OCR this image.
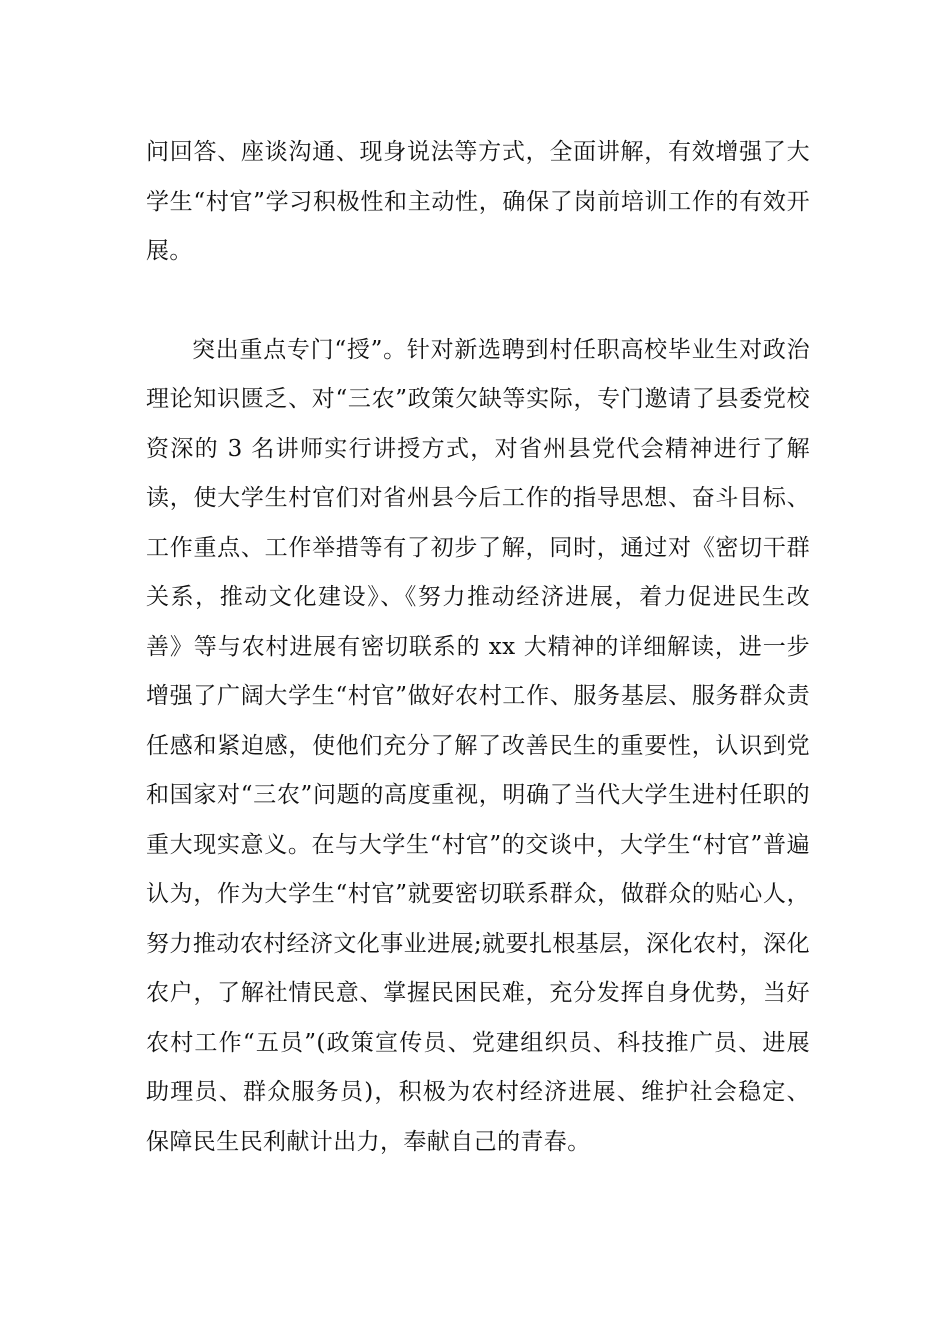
问回答、座谈沟通、现身说法等方式，全面讲解，有效增强了大学生“村官”学习积极性和主动性，确保了岗前培训工作的有效开展。

突出重点专门“授”。针对新选聘到村任职高校毕业生对政治理论知识匮乏、对“三农”政策欠缺等实际，专门邀请了县委党校资深的 3 名讲师实行讲授方式，对省州县党代会精神进行了解读，使大学生村官们对省州县今后工作的指导思想、奋斗目标、工作重点、工作举措等有了初步了解，同时，通过对《密切干群关系，推动文化建设》、《努力推动经济进展，着力促进民生改善》等与农村进展有密切联系的 xx 大精神的详细解读，进一步增强了广阔大学生“村官”做好农村工作、服务基层、服务群众责任感和紧迫感，使他们充分了解了改善民生的重要性，认识到党和国家对“三农”问题的高度重视，明确了当代大学生进村任职的重大现实意义。在与大学生“村官”的交谈中，大学生“村官”普遍认为，作为大学生“村官”就要密切联系群众，做群众的贴心人，努力推动农村经济文化事业进展;就要扎根基层，深化农村，深化农户，了解社情民意、掌握民困民难，充分发挥自身优势，当好农村工作“五员”(政策宣传员、党建组织员、科技推广员、进展助理员、群众服务员)，积极为农村经济进展、维护社会稳定、保障民生民利献计出力，奉献自己的青春。
